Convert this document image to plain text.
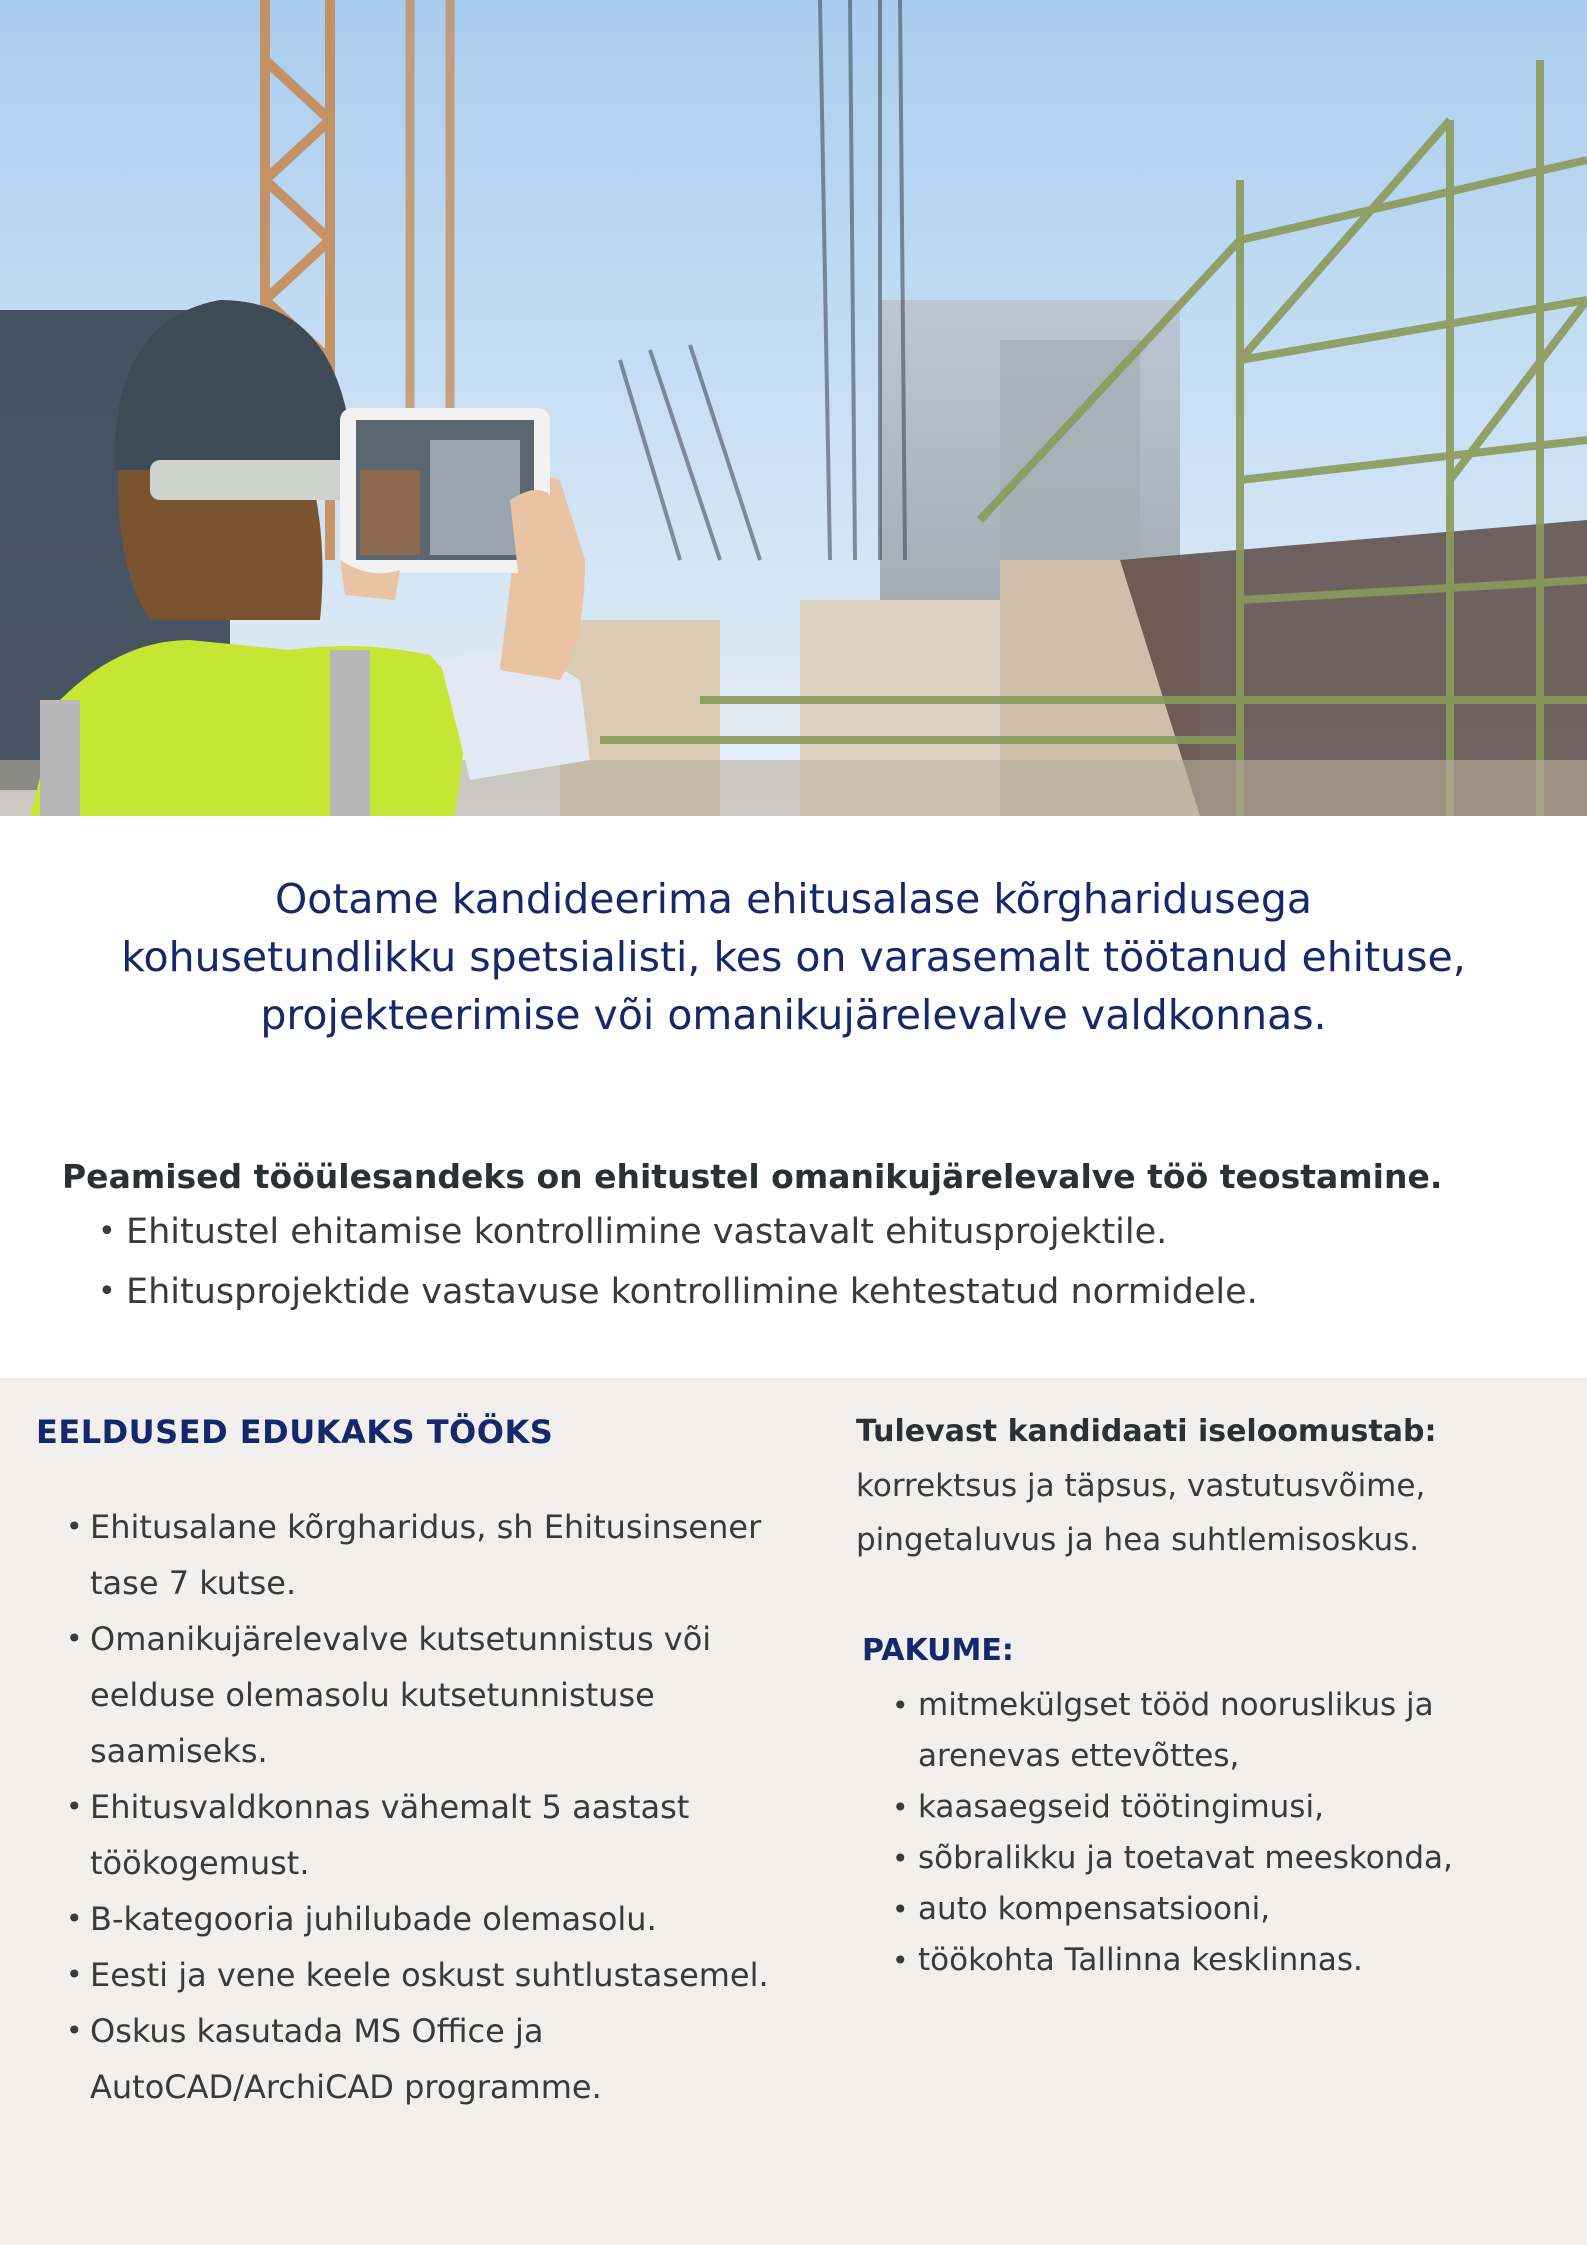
Ootame kandideerima ehitusalase kõrgharidusega kohusetundlikku spetsialisti, kes on varasemalt töötanud ehituse, projekteerimise või omanikujärelevalve valdkonnas.

Peamised tööülesandeks on ehitustel omanikujärelevalve töö teostamine.
• Ehitustel ehitamise kontrollimine vastavalt ehitusprojektile.
• Ehitusprojektide vastavuse kontrollimine kehtestatud normidele.
EELDUSED EDUKAKS TÖÖKS
• Ehitusalane kõrgharidus, sh Ehitusinsener tase 7 kutse.
• Omanikujärelevalve kutsetunnistus või eelduse olemasolu kutsetunnistuse saamiseks.
• Ehitusvaldkonnas vähemalt 5 aastast töökogemust.
• B-kategooria juhilubade olemasolu.
• Eesti ja vene keele oskust suhtlustasemel.
• Oskus kasutada MS Office ja AutoCAD/ArchiCAD programme.

Tulevast kandidaati iseloomustab:

korrektsus ja täpsus, vastutusvõime, pingetaluvus ja hea suhtlemisoskus.

PAKUME:
• mitmekülgset tööd nooruslikus ja arenevas ettevõttes,
• kaasaegseid töötingimusi,
• sõbralikku ja toetavat meeskonda,
• auto kompensatsiooni,
• töökohta Tallinna kesklinnas.
